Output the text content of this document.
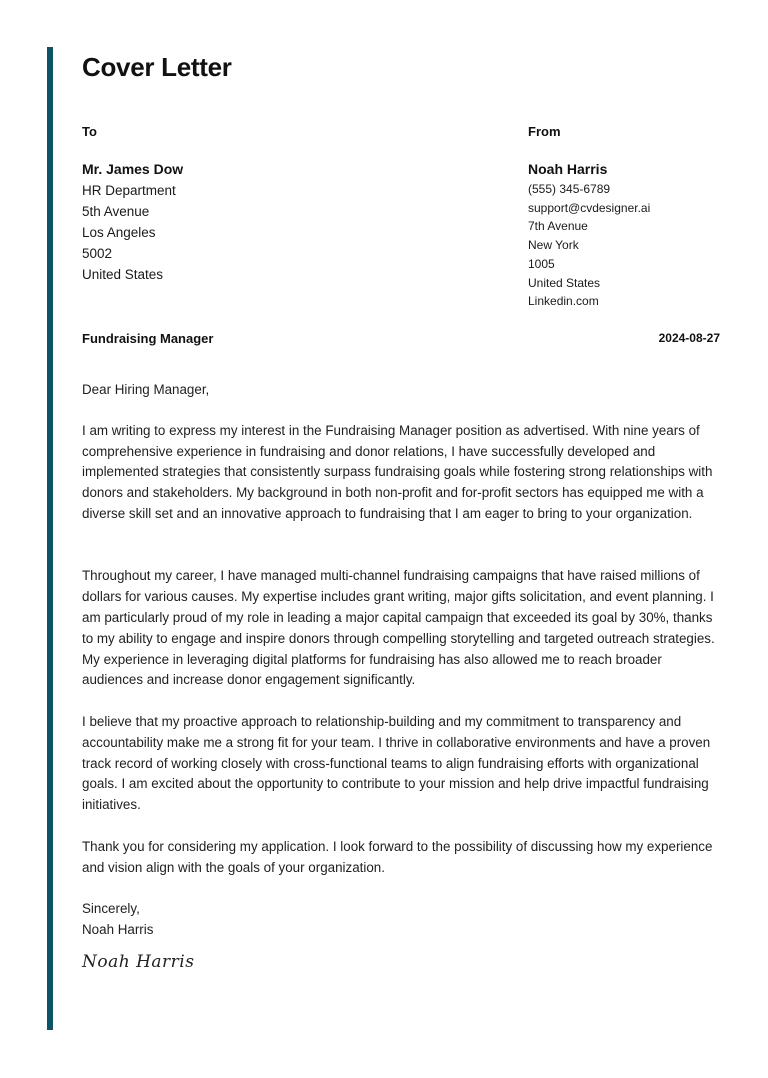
Cover Letter
To	From
Mr. James Dow
HR Department
5th Avenue
Los Angeles
5002
United States
Noah Harris
(555) 345-6789
support@cvdesigner.ai
7th Avenue
New York
1005
United States
Linkedin.com
Fundraising Manager	2024-08-27

Dear Hiring Manager,

I am writing to express my interest in the Fundraising Manager position as advertised. With nine years of comprehensive experience in fundraising and donor relations, I have successfully developed and implemented strategies that consistently surpass fundraising goals while fostering strong relationships with donors and stakeholders. My background in both non-profit and for-profit sectors has equipped me with a diverse skill set and an innovative approach to fundraising that I am eager to bring to your organization.

Throughout my career, I have managed multi-channel fundraising campaigns that have raised millions of dollars for various causes. My expertise includes grant writing, major gifts solicitation, and event planning. I am particularly proud of my role in leading a major capital campaign that exceeded its goal by 30%, thanks to my ability to engage and inspire donors through compelling storytelling and targeted outreach strategies. My experience in leveraging digital platforms for fundraising has also allowed me to reach broader audiences and increase donor engagement significantly.

I believe that my proactive approach to relationship-building and my commitment to transparency and accountability make me a strong fit for your team. I thrive in collaborative environments and have a proven track record of working closely with cross-functional teams to align fundraising efforts with organizational goals. I am excited about the opportunity to contribute to your mission and help drive impactful fundraising initiatives.

Thank you for considering my application. I look forward to the possibility of discussing how my experience and vision align with the goals of your organization.

Sincerely,
Noah Harris
Noah Harris
